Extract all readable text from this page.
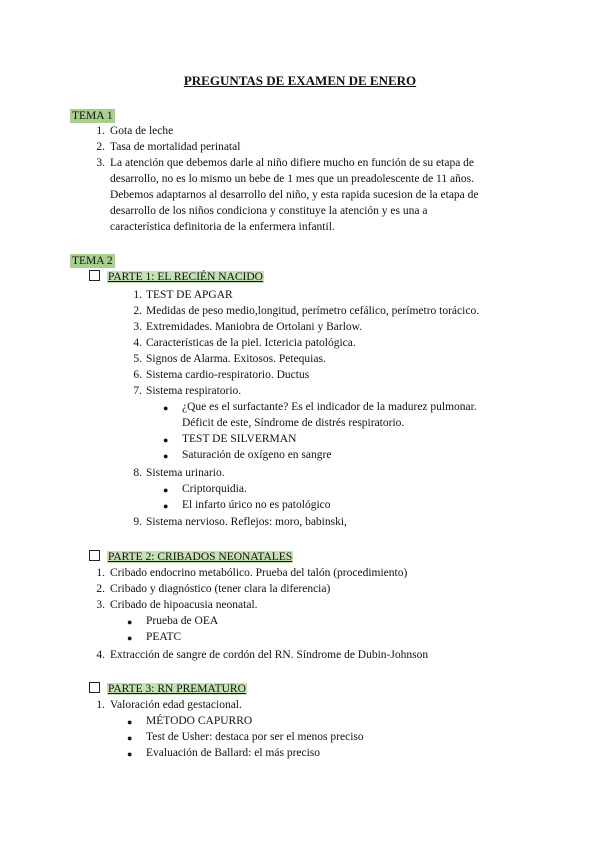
PREGUNTAS DE EXAMEN DE ENERO
TEMA 1
1. Gota de leche
2. Tasa de mortalidad perinatal
3. La atención que debemos darle al niño difiere mucho en función de su etapa de
desarrollo, no es lo mismo un bebe de 1 mes que un preadolescente de 11 años.
Debemos adaptarnos al desarrollo del niño, y esta rapida sucesion de la etapa de
desarrollo de los niños condiciona y constituye la atención y es una a
característica definitoria de la enfermera infantil.
TEMA 2
PARTE 1: EL RECIÉN NACIDO
1. TEST DE APGAR
2. Medidas de peso medio,longitud, perímetro cefálico, perímetro torácico.
3. Extremidades. Maniobra de Ortolani y Barlow.
4. Características de la piel. Ictericia patológica.
5. Signos de Alarma. Exitosos. Petequias.
6. Sistema cardio-respiratorio. Ductus
7. Sistema respiratorio.
● ¿Que es el surfactante? Es el indicador de la madurez pulmonar.
Déficit de este, Síndrome de distrés respiratorio.
● TEST DE SILVERMAN
● Saturación de oxígeno en sangre
8. Sistema urinario.
● Criptorquidia.
● El infarto úrico no es patológico
9. Sistema nervioso. Reflejos: moro, babinski,
PARTE 2: CRIBADOS NEONATALES
1. Cribado endocrino metabólico. Prueba del talón (procedimiento)
2. Cribado y diagnóstico (tener clara la diferencia)
3. Cribado de hipoacusia neonatal.
● Prueba de OEA
● PEATC
4. Extracción de sangre de cordón del RN. Síndrome de Dubin-Johnson
PARTE 3: RN PREMATURO
1. Valoración edad gestacional.
● MÉTODO CAPURRO
● Test de Usher: destaca por ser el menos preciso
● Evaluación de Ballard: el más preciso
